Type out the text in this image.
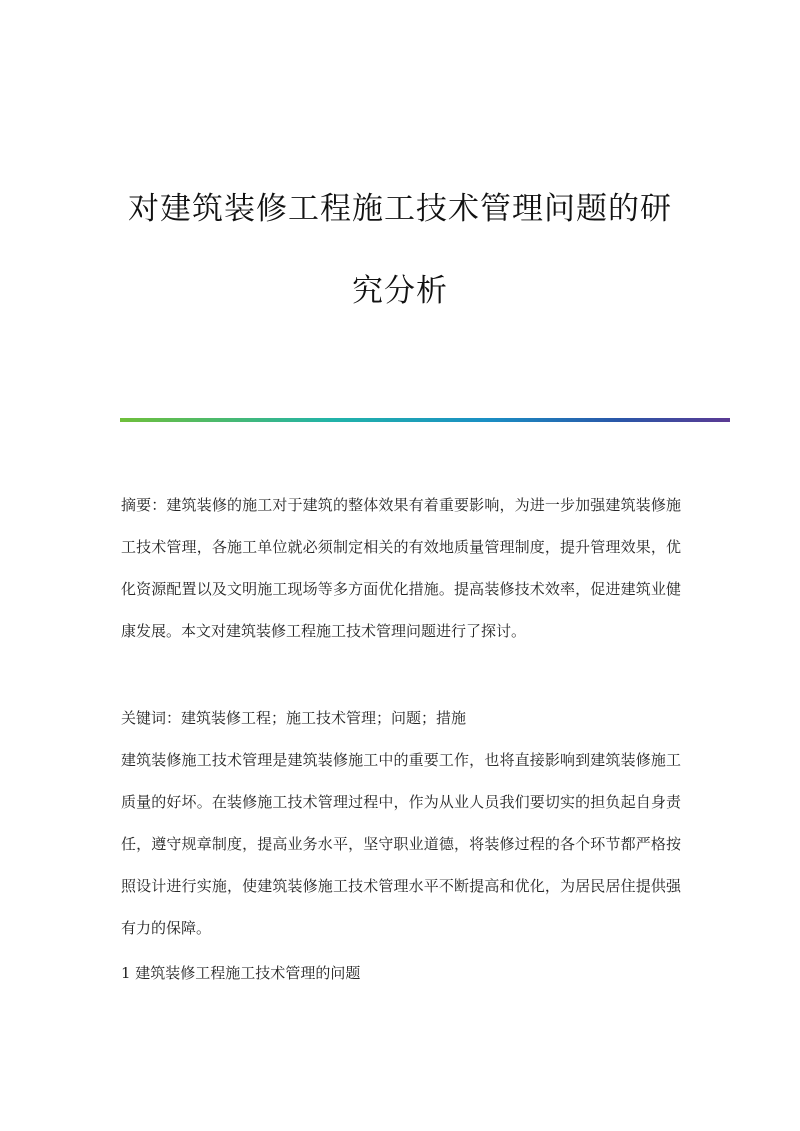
对建筑装修工程施工技术管理问题的研
究分析

摘要：建筑装修的施工对于建筑的整体效果有着重要影响，为进一步加强建筑装修施工技术管理，各施工单位就必须制定相关的有效地质量管理制度，提升管理效果，优化资源配置以及文明施工现场等多方面优化措施。提高装修技术效率，促进建筑业健康发展。本文对建筑装修工程施工技术管理问题进行了探讨。

关键词：建筑装修工程；施工技术管理；问题；措施

建筑装修施工技术管理是建筑装修施工中的重要工作，也将直接影响到建筑装修施工质量的好坏。在装修施工技术管理过程中，作为从业人员我们要切实的担负起自身责任，遵守规章制度，提高业务水平，坚守职业道德，将装修过程的各个环节都严格按照设计进行实施，使建筑装修施工技术管理水平不断提高和优化，为居民居住提供强有力的保障。

1 建筑装修工程施工技术管理的问题
